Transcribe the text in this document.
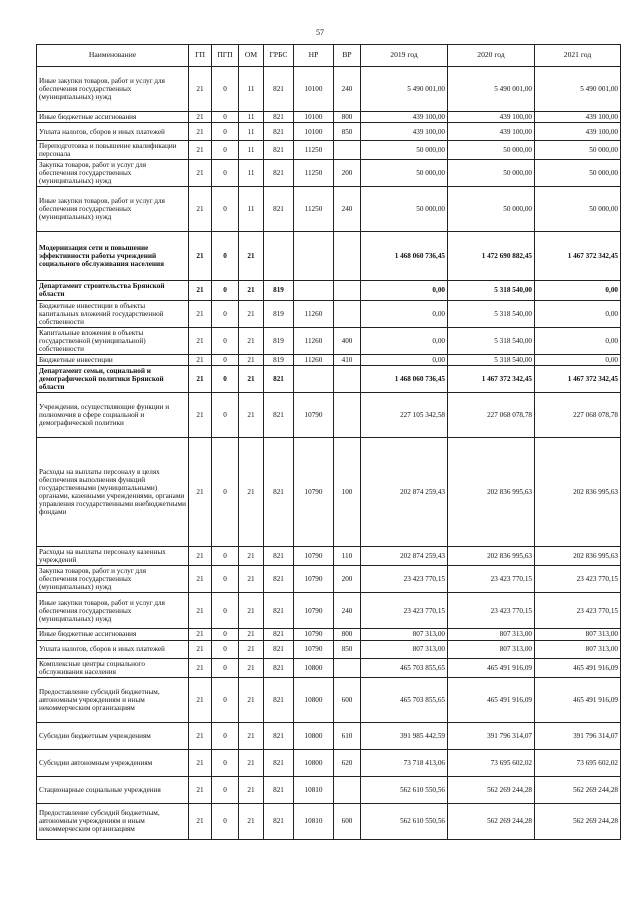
57
Наименование	ГП	ПГП	ОМ	ГРБС	НР	ВР	2019 год	2020 год	2021 год
Иные закупки товаров, работ и услуг для обеспечения государственных (муниципальных) нужд	21	0	11	821	10100	240	5 490 001,00	5 490 001,00	5 490 001,00
Иные бюджетные ассигнования	21	0	11	821	10100	800	439 100,00	439 100,00	439 100,00
Уплата налогов, сборов и иных платежей	21	0	11	821	10100	850	439 100,00	439 100,00	439 100,00
Переподготовка и повышение квалификации персонала	21	0	11	821	11250		50 000,00	50 000,00	50 000,00
Закупка товаров, работ и услуг для обеспечения государственных (муниципальных) нужд	21	0	11	821	11250	200	50 000,00	50 000,00	50 000,00
Иные закупки товаров, работ и услуг для обеспечения государственных (муниципальных) нужд	21	0	11	821	11250	240	50 000,00	50 000,00	50 000,00
Модернизация сети и повышение эффективности работы учреждений социального обслуживания населения	21	0	21				1 468 060 736,45	1 472 690 882,45	1 467 372 342,45
Департамент строительства Брянской области	21	0	21	819			0,00	5 318 540,00	0,00
Бюджетные инвестиции в объекты капитальных вложений государственной собственности	21	0	21	819	11260		0,00	5 318 540,00	0,00
Капитальные вложения в объекты государственной (муниципальной) собственности	21	0	21	819	11260	400	0,00	5 318 540,00	0,00
Бюджетные инвестиции	21	0	21	819	11260	410	0,00	5 318 540,00	0,00
Департамент семьи, социальной и демографической политики Брянской области	21	0	21	821			1 468 060 736,45	1 467 372 342,45	1 467 372 342,45
Учреждения, осуществляющие функции и полномочия в сфере социальной и демографической политики	21	0	21	821	10790		227 105 342,58	227 068 078,78	227 068 078,78
Расходы на выплаты персоналу в целях обеспечения выполнения функций государственными (муниципальными) органами, казенными учреждениями, органами управления государственными внебюджетными фондами	21	0	21	821	10790	100	202 874 259,43	202 836 995,63	202 836 995,63
Расходы на выплаты персоналу казенных учреждений	21	0	21	821	10790	110	202 874 259,43	202 836 995,63	202 836 995,63
Закупка товаров, работ и услуг для обеспечения государственных (муниципальных) нужд	21	0	21	821	10790	200	23 423 770,15	23 423 770,15	23 423 770,15
Иные закупки товаров, работ и услуг для обеспечения государственных (муниципальных) нужд	21	0	21	821	10790	240	23 423 770,15	23 423 770,15	23 423 770,15
Иные бюджетные ассигнования	21	0	21	821	10790	800	807 313,00	807 313,00	807 313,00
Уплата налогов, сборов и иных платежей	21	0	21	821	10790	850	807 313,00	807 313,00	807 313,00
Комплексные центры социального обслуживания населения	21	0	21	821	10800		465 703 855,65	465 491 916,09	465 491 916,09
Предоставление субсидий бюджетным, автономным учреждениям и иным некоммерческим организациям	21	0	21	821	10800	600	465 703 855,65	465 491 916,09	465 491 916,09
Субсидии бюджетным учреждениям	21	0	21	821	10800	610	391 985 442,59	391 796 314,07	391 796 314,07
Субсидии автономным учреждениям	21	0	21	821	10800	620	73 718 413,06	73 695 602,02	73 695 602,02
Стационарные социальные учреждения	21	0	21	821	10810		562 610 550,56	562 269 244,28	562 269 244,28
Предоставление субсидий бюджетным, автономным учреждениям и иным некоммерческим организациям	21	0	21	821	10810	600	562 610 550,56	562 269 244,28	562 269 244,28
